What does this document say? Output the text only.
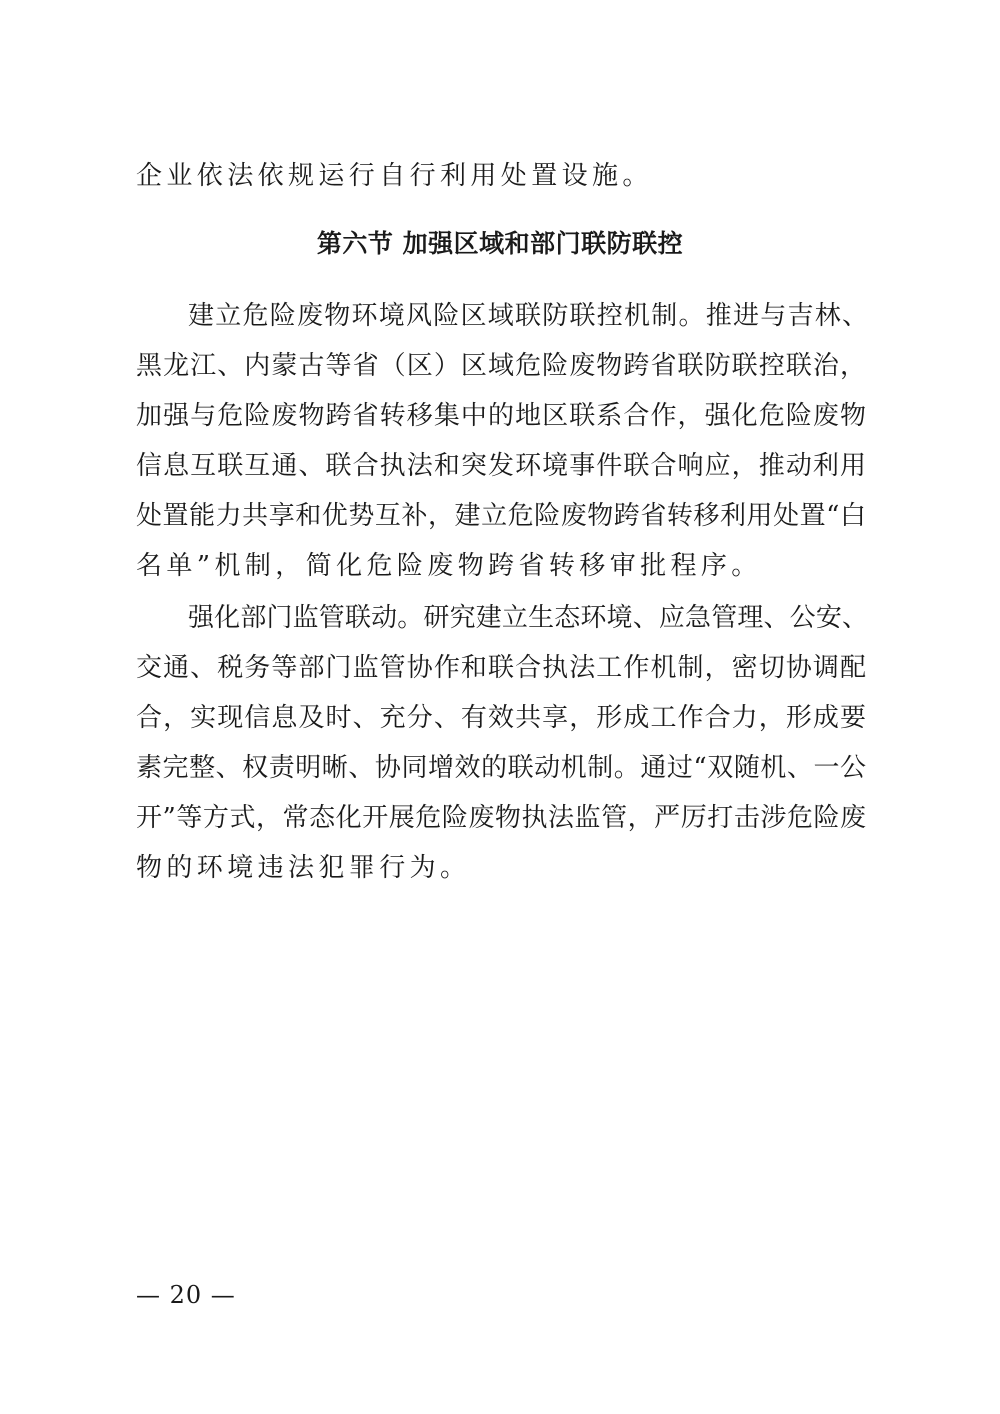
企业依法依规运行自行利用处置设施。
第六节 加强区域和部门联防联控
建立危险废物环境风险区域联防联控机制。推进与吉林、
黑龙江、内蒙古等省（区）区域危险废物跨省联防联控联治，
加强与危险废物跨省转移集中的地区联系合作，强化危险废物
信息互联互通、联合执法和突发环境事件联合响应，推动利用
处置能力共享和优势互补，建立危险废物跨省转移利用处置“白
名单”机制，简化危险废物跨省转移审批程序。
强化部门监管联动。研究建立生态环境、应急管理、公安、
交通、税务等部门监管协作和联合执法工作机制，密切协调配
合，实现信息及时、充分、有效共享，形成工作合力，形成要
素完整、权责明晰、协同增效的联动机制。通过“双随机、一公
开”等方式，常态化开展危险废物执法监管，严厉打击涉危险废
物的环境违法犯罪行为。
— 20 —
